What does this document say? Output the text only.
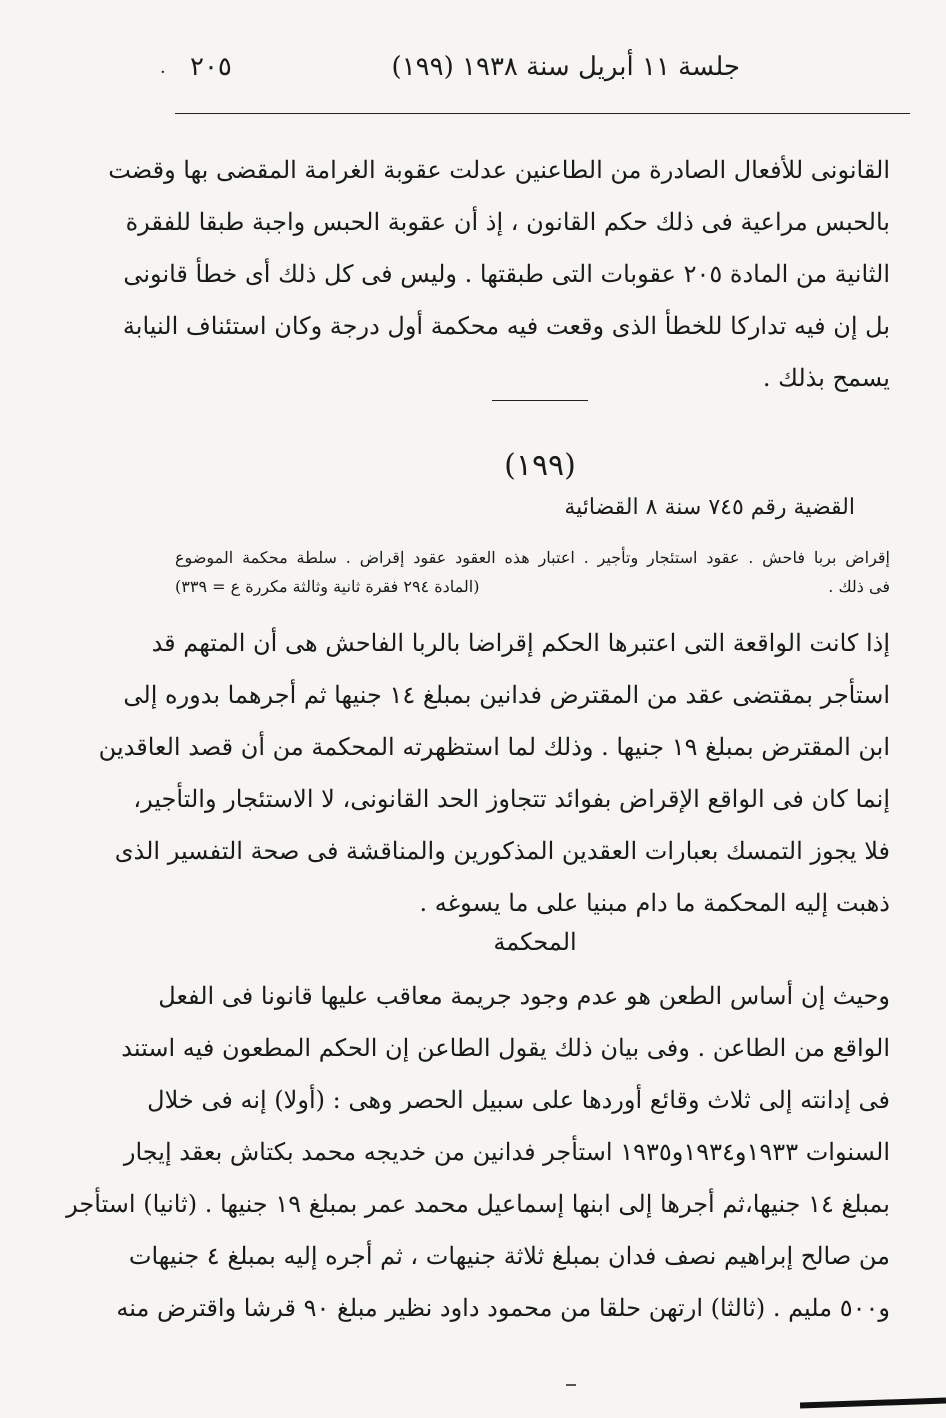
جلسة ١١ أبريل سنة ١٩٣٨ (١٩٩)
٢٠٥
·
القانونى للأفعال الصادرة من الطاعنين عدلت عقوبة الغرامة المقضى بها وقضت
بالحبس مراعية فى ذلك حكم القانون ، إذ أن عقوبة الحبس واجبة طبقا للفقرة
الثانية من المادة ٢٠٥ عقوبات التى طبقتها . وليس فى كل ذلك أى خطأ قانونى
بل إن فيه تداركا للخطأ الذى وقعت فيه محكمة أول درجة وكان استئناف النيابة
يسمح بذلك .
(١٩٩)
القضية رقم ٧٤٥ سنة ٨ القضائية
إقراض بربا فاحش . عقود استئجار وتأجير . اعتبار هذه العقود عقود إقراض . سلطة محكمة الموضوع
فى ذلك .
(المادة ٢٩٤ فقرة ثانية وثالثة مكررة ع = ٣٣٩)
إذا كانت الواقعة التى اعتبرها الحكم إقراضا بالربا الفاحش هى أن المتهم قد
استأجر بمقتضى عقد من المقترض فدانين بمبلغ ١٤ جنيها ثم أجرهما بدوره إلى
ابن المقترض بمبلغ ١٩ جنيها . وذلك لما استظهرته المحكمة من أن قصد العاقدين
إنما كان فى الواقع الإقراض بفوائد تتجاوز الحد القانونى، لا الاستئجار والتأجير،
فلا يجوز التمسك بعبارات العقدين المذكورين والمناقشة فى صحة التفسير الذى
ذهبت إليه المحكمة ما دام مبنيا على ما يسوغه .
المحكمة
وحيث إن أساس الطعن هو عدم وجود جريمة معاقب عليها قانونا فى الفعل
الواقع من الطاعن . وفى بيان ذلك يقول الطاعن إن الحكم المطعون فيه استند
فى إدانته إلى ثلاث وقائع أوردها على سبيل الحصر وهى : (أولا) إنه فى خلال
السنوات ١٩٣٣و١٩٣٤و١٩٣٥ استأجر فدانين من خديجه محمد بكتاش بعقد إيجار
بمبلغ ١٤ جنيها،ثم أجرها إلى ابنها إسماعيل محمد عمر بمبلغ ١٩ جنيها . (ثانيا) استأجر
من صالح إبراهيم نصف فدان بمبلغ ثلاثة جنيهات ، ثم أجره إليه بمبلغ ٤ جنيهات
و٥٠٠ مليم . (ثالثا) ارتهن حلقا من محمود داود نظير مبلغ ٩٠ قرشا واقترض منه
